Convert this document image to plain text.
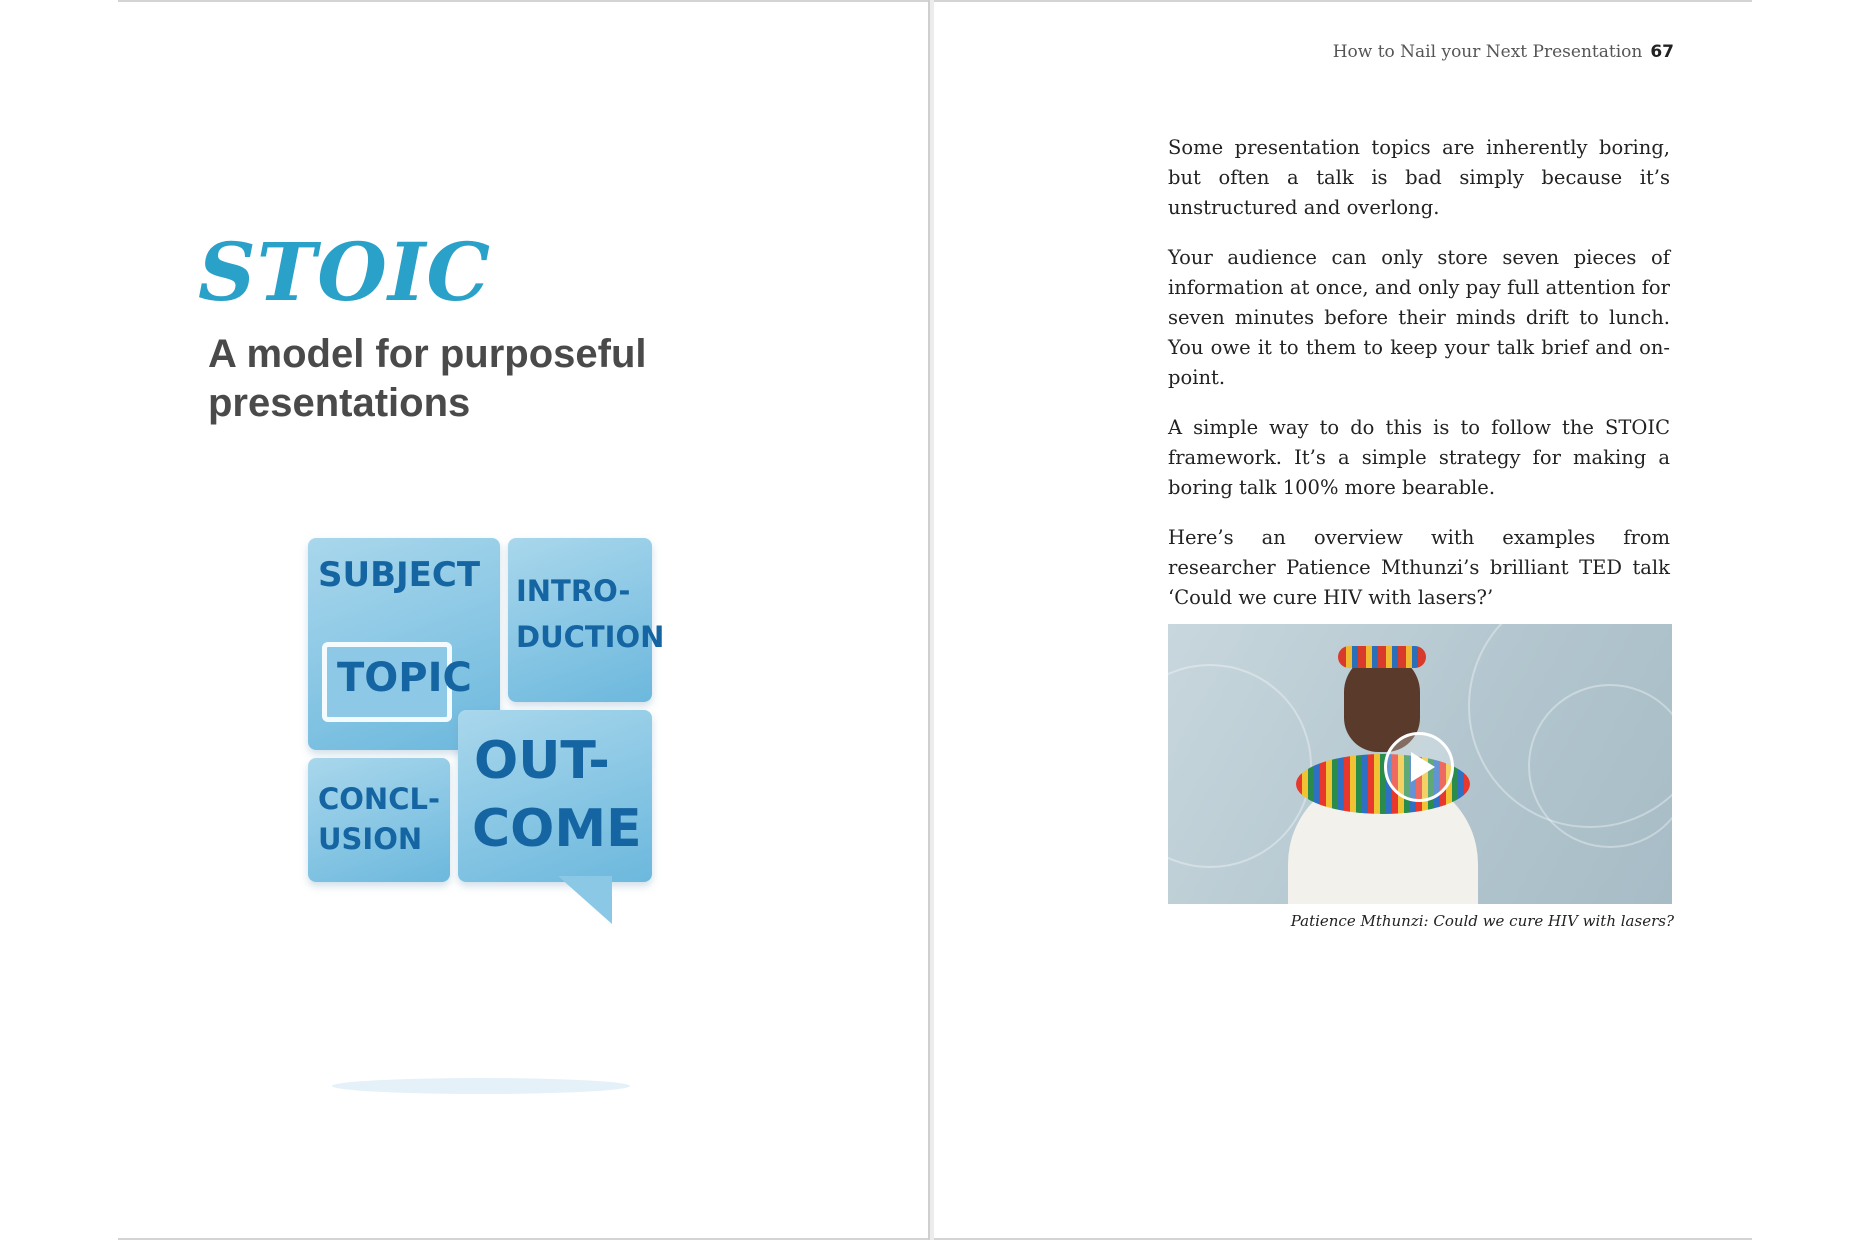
STOIC
A model for purposeful presentations
SUBJECT
TOPIC
INTRO-
DUCTION
CONCL-
USION
OUT-
COME

How to Nail your Next Presentation 67

Some presentation topics are inherently boring, but often a talk is bad simply because it’s unstructured and overlong.

Your audience can only store seven pieces of information at once, and only pay full attention for seven minutes before their minds drift to lunch. You owe it to them to keep your talk brief and on-point.

A simple way to do this is to follow the STOIC framework. It’s a simple strategy for making a boring talk 100% more bearable.

Here’s an overview with examples from researcher Patience Mthunzi’s brilliant TED talk ‘Could we cure HIV with lasers?’

Patience Mthunzi: Could we cure HIV with lasers?
